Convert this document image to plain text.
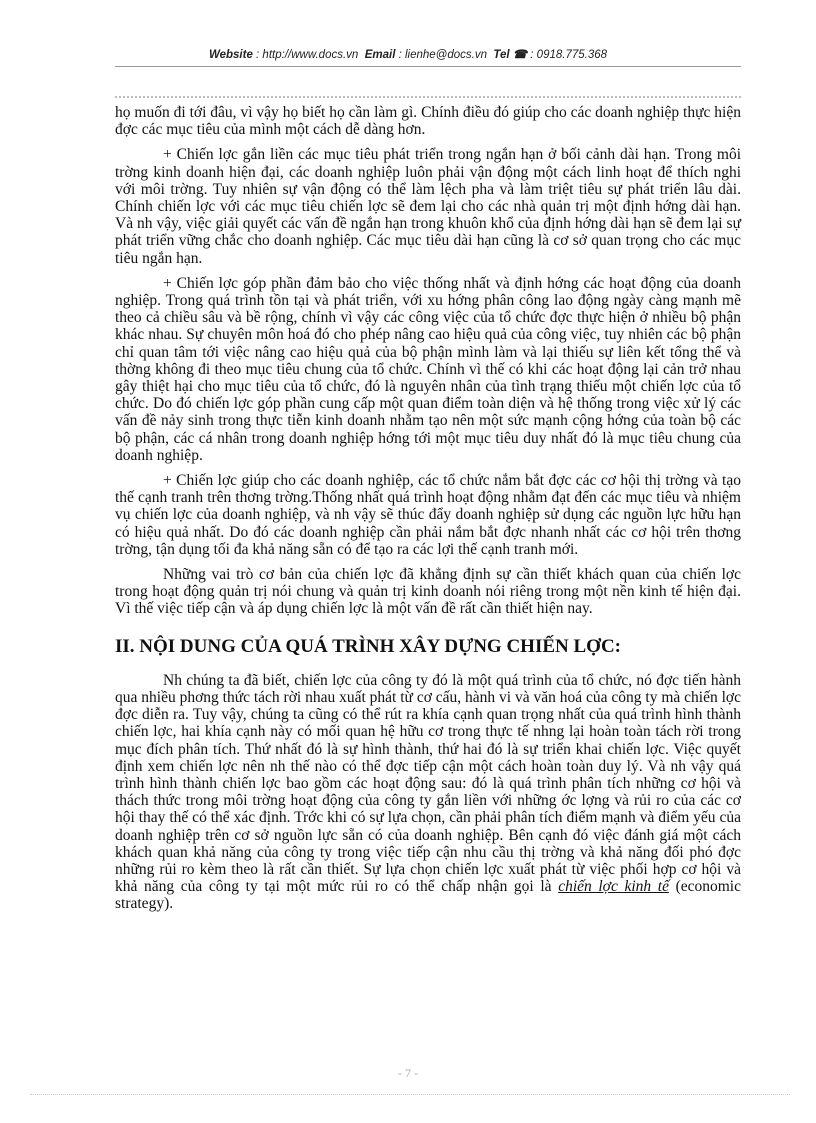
Website : http://www.docs.vn Email : lienhe@docs.vn Tel ☎ : 0918.775.368

họ muốn đi tới đâu, vì vậy họ biết họ cần làm gì. Chính điều đó giúp cho các doanh nghiệp thực hiện đợc các mục tiêu của mình một cách dễ dàng hơn.

+ Chiến lợc gắn liền các mục tiêu phát triển trong ngắn hạn ở bối cảnh dài hạn. Trong môi trờng kinh doanh hiện đại, các doanh nghiệp luôn phải vận động một cách linh hoạt để thích nghi với môi trờng. Tuy nhiên sự vận động có thể làm lệch pha và làm triệt tiêu sự phát triển lâu dài. Chính chiến lợc với các mục tiêu chiến lợc sẽ đem lại cho các nhà quản trị một định hớng dài hạn. Và nh vậy, việc giải quyết các vấn đề ngắn hạn trong khuôn khổ của định hớng dài hạn sẽ đem lại sự phát triển vững chắc cho doanh nghiệp. Các mục tiêu dài hạn cũng là cơ sở quan trọng cho các mục tiêu ngắn hạn.

+ Chiến lợc góp phần đảm bảo cho việc thống nhất và định hớng các hoạt động của doanh nghiệp. Trong quá trình tồn tại và phát triển, với xu hớng phân công lao động ngày càng mạnh mẽ theo cả chiều sâu và bề rộng, chính vì vậy các công việc của tổ chức đợc thực hiện ở nhiều bộ phận khác nhau. Sự chuyên môn hoá đó cho phép nâng cao hiệu quả của công việc, tuy nhiên các bộ phận chỉ quan tâm tới việc nâng cao hiệu quả của bộ phận mình làm và lại thiếu sự liên kết tổng thể và thờng không đi theo mục tiêu chung của tổ chức. Chính vì thế có khi các hoạt động lại cản trở nhau gây thiệt hại cho mục tiêu của tổ chức, đó là nguyên nhân của tình trạng thiếu một chiến lợc của tổ chức. Do đó chiến lợc góp phần cung cấp một quan điểm toàn diện và hệ thống trong việc xử lý các vấn đề nảy sinh trong thực tiễn kinh doanh nhằm tạo nên một sức mạnh cộng hớng của toàn bộ các bộ phận, các cá nhân trong doanh nghiệp hớng tới một mục tiêu duy nhất đó là mục tiêu chung của doanh nghiệp.

+ Chiến lợc giúp cho các doanh nghiệp, các tổ chức nắm bắt đợc các cơ hội thị trờng và tạo thế cạnh tranh trên thơng trờng.Thống nhất quá trình hoạt động nhằm đạt đến các mục tiêu và nhiệm vụ chiến lợc của doanh nghiệp, và nh vậy sẽ thúc đẩy doanh nghiệp sử dụng các nguồn lực hữu hạn có hiệu quả nhất. Do đó các doanh nghiệp cần phải nắm bắt đợc nhanh nhất các cơ hội trên thơng trờng, tận dụng tối đa khả năng sẵn có để tạo ra các lợi thế cạnh tranh mới.

Những vai trò cơ bản của chiến lợc đã khẳng định sự cần thiết khách quan của chiến lợc trong hoạt động quản trị nói chung và quản trị kinh doanh nói riêng trong một nền kinh tế hiện đại. Vì thế việc tiếp cận và áp dụng chiến lợc là một vấn đề rất cần thiết hiện nay.

II. NỘI DUNG CỦA QUÁ TRÌNH XÂY DỰNG CHIẾN LỢC:

Nh chúng ta đã biết, chiến lợc của công ty đó là một quá trình của tổ chức, nó đợc tiến hành qua nhiều phơng thức tách rời nhau xuất phát từ cơ cấu, hành vi và văn hoá của công ty mà chiến lợc đợc diễn ra. Tuy vậy, chúng ta cũng có thể rút ra khía cạnh quan trọng nhất của quá trình hình thành chiến lợc, hai khía cạnh này có mối quan hệ hữu cơ trong thực tế nhng lại hoàn toàn tách rời trong mục đích phân tích. Thứ nhất đó là sự hình thành, thứ hai đó là sự triển khai chiến lợc. Việc quyết định xem chiến lợc nên nh thế nào có thể đợc tiếp cận một cách hoàn toàn duy lý. Và nh vậy quá trình hình thành chiến lợc bao gồm các hoạt động sau: đó là quá trình phân tích những cơ hội và thách thức trong môi trờng hoạt động của công ty gắn liền với những ớc lợng và rủi ro của các cơ hội thay thế có thể xác định. Trớc khi có sự lựa chọn, cần phải phân tích điểm mạnh và điểm yếu của doanh nghiệp trên cơ sở nguồn lực sẵn có của doanh nghiệp. Bên cạnh đó việc đánh giá một cách khách quan khả năng của công ty trong việc tiếp cận nhu cầu thị trờng và khả năng đối phó đợc những rủi ro kèm theo là rất cần thiết. Sự lựa chọn chiến lợc xuất phát từ việc phối hợp cơ hội và khả năng của công ty tại một mức rủi ro có thể chấp nhận gọi là chiến lợc kinh tế (economic strategy).

- 7 -
